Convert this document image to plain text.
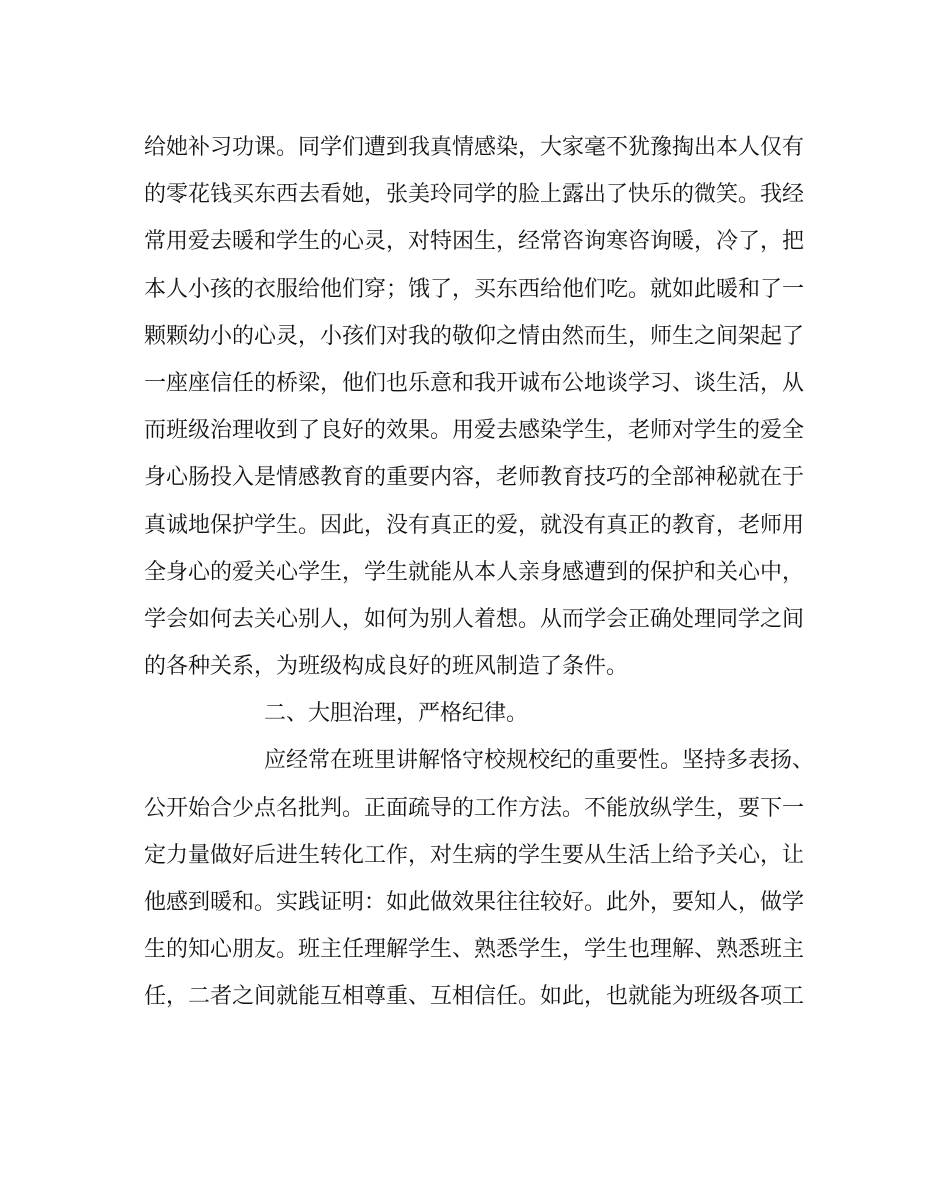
给她补习功课。同学们遭到我真情感染，大家毫不犹豫掏出本人仅有
的零花钱买东西去看她，张美玲同学的脸上露出了快乐的微笑。我经
常用爱去暖和学生的心灵，对特困生，经常咨询寒咨询暖，冷了，把
本人小孩的衣服给他们穿；饿了，买东西给他们吃。就如此暖和了一
颗颗幼小的心灵，小孩们对我的敬仰之情由然而生，师生之间架起了
一座座信任的桥梁，他们也乐意和我开诚布公地谈学习、谈生活，从
而班级治理收到了良好的效果。用爱去感染学生，老师对学生的爱全
身心肠投入是情感教育的重要内容，老师教育技巧的全部神秘就在于
真诚地保护学生。因此，没有真正的爱，就没有真正的教育，老师用
全身心的爱关心学生，学生就能从本人亲身感遭到的保护和关心中，
学会如何去关心别人，如何为别人着想。从而学会正确处理同学之间
的各种关系，为班级构成良好的班风制造了条件。
二、大胆治理，严格纪律。
应经常在班里讲解恪守校规校纪的重要性。坚持多表扬、
公开始合少点名批判。正面疏导的工作方法。不能放纵学生，要下一
定力量做好后进生转化工作，对生病的学生要从生活上给予关心，让
他感到暖和。实践证明：如此做效果往往较好。此外，要知人，做学
生的知心朋友。班主任理解学生、熟悉学生，学生也理解、熟悉班主
任，二者之间就能互相尊重、互相信任。如此，也就能为班级各项工
